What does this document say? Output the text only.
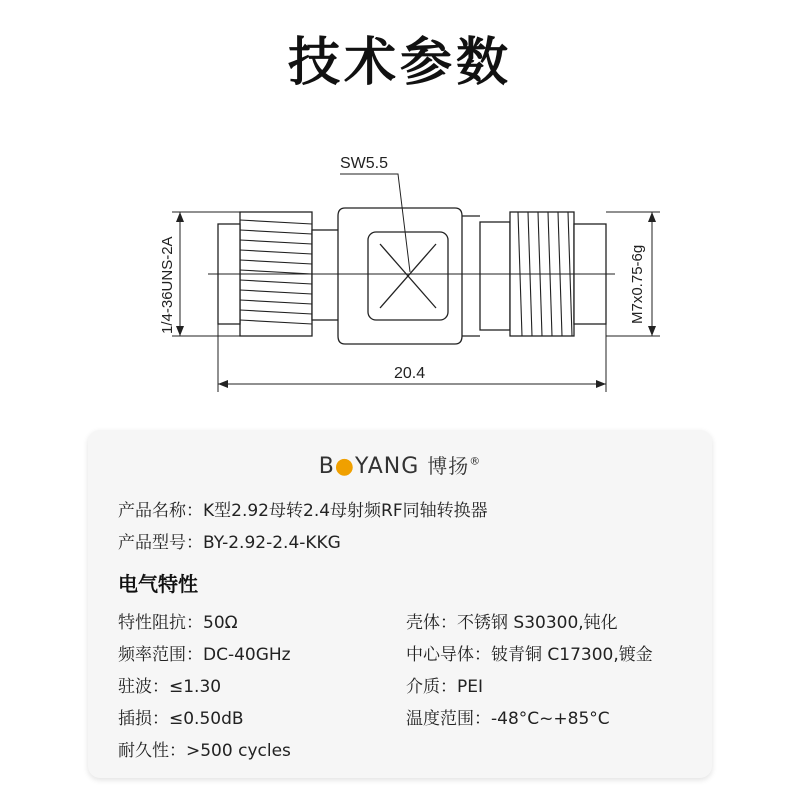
技术参数
SW5.5
1/4-36UNS-2A	M7x0.75-6g
20.4
B●YANG 博扬®
产品名称：K型2.92母转2.4母射频RF同轴转换器
产品型号：BY-2.92-2.4-KKG
电气特性
特性阻抗：50Ω
频率范围：DC-40GHz
驻波：≤1.30
插损：≤0.50dB
耐久性：>500 cycles
壳体：不锈钢 S30300,钝化
中心导体：铍青铜 C17300,镀金
介质：PEI
温度范围：-48°C~+85°C
